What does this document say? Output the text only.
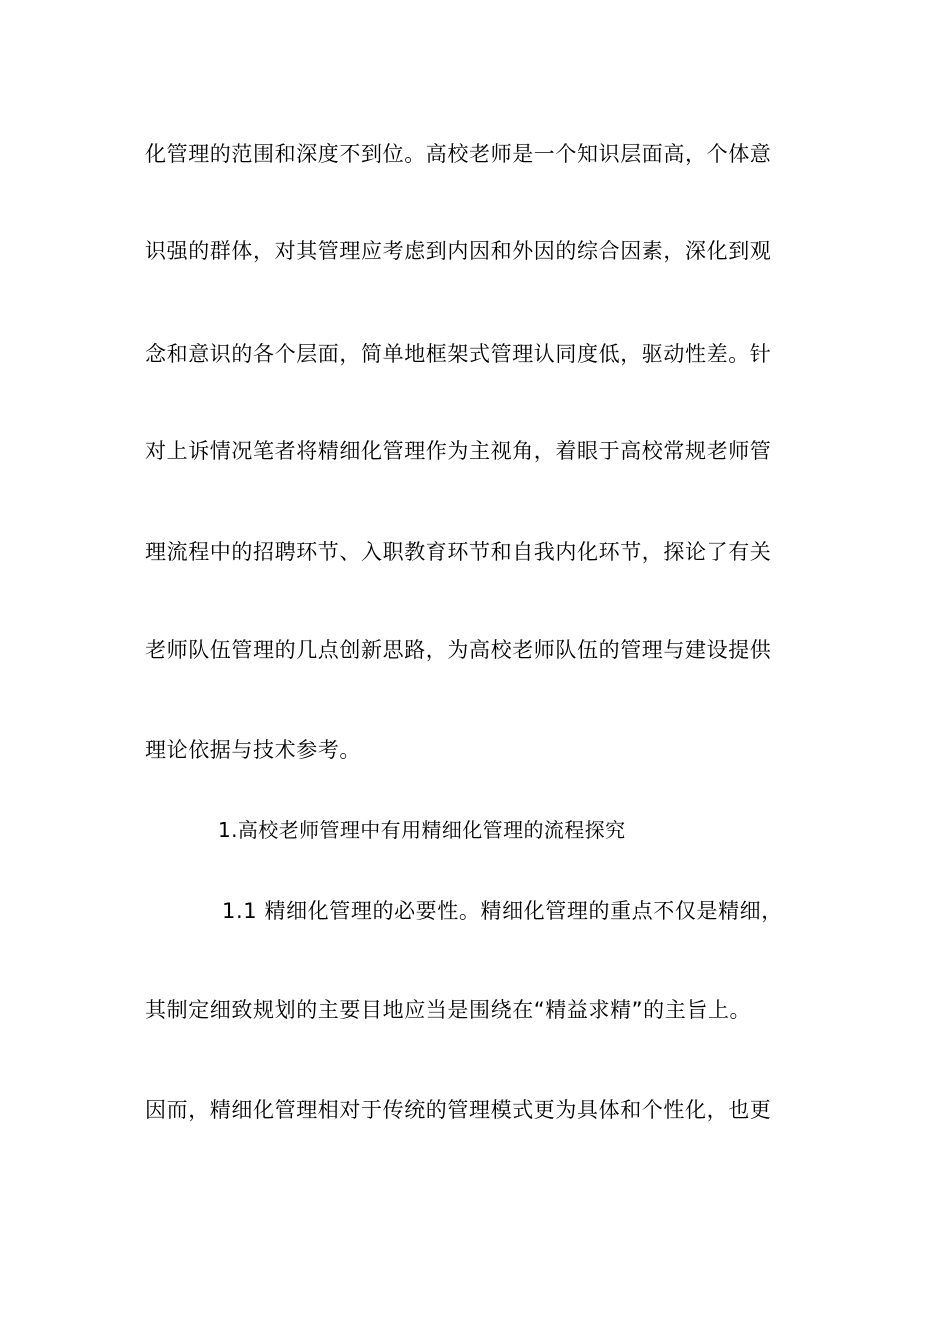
化管理的范围和深度不到位。高校老师是一个知识层面高，个体意
识强的群体，对其管理应考虑到内因和外因的综合因素，深化到观
念和意识的各个层面，简单地框架式管理认同度低，驱动性差。针
对上诉情况笔者将精细化管理作为主视角，着眼于高校常规老师管
理流程中的招聘环节、入职教育环节和自我内化环节，探论了有关
老师队伍管理的几点创新思路，为高校老师队伍的管理与建设提供
理论依据与技术参考。
1.高校老师管理中有用精细化管理的流程探究
1.1 精细化管理的必要性。精细化管理的重点不仅是精细，
其制定细致规划的主要目地应当是围绕在“精益求精”的主旨上。
因而，精细化管理相对于传统的管理模式更为具体和个性化，也更
